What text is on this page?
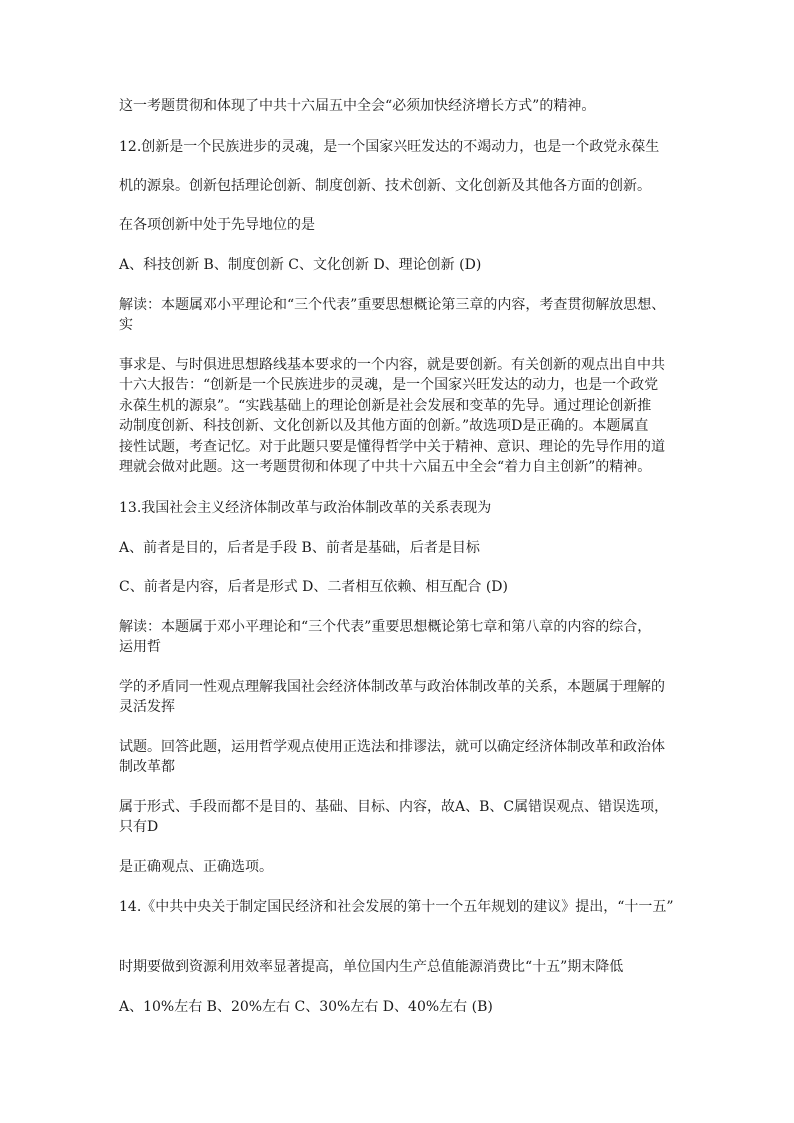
这一考题贯彻和体现了中共十六届五中全会“必须加快经济增长方式”的精神。

12.创新是一个民族进步的灵魂，是一个国家兴旺发达的不竭动力，也是一个政党永葆生

机的源泉。创新包括理论创新、制度创新、技术创新、文化创新及其他各方面的创新。

在各项创新中处于先导地位的是

A、科技创新 B、制度创新 C、文化创新 D、理论创新 (D)

解读：本题属邓小平理论和“三个代表”重要思想概论第三章的内容，考查贯彻解放思想、

实

事求是、与时俱进思想路线基本要求的一个内容，就是要创新。有关创新的观点出自中共

十六大报告：“创新是一个民族进步的灵魂，是一个国家兴旺发达的动力，也是一个政党

永葆生机的源泉”。“实践基础上的理论创新是社会发展和变革的先导。通过理论创新推

动制度创新、科技创新、文化创新以及其他方面的创新。”故选项D是正确的。本题属直

接性试题，考查记忆。对于此题只要是懂得哲学中关于精神、意识、理论的先导作用的道

理就会做对此题。这一考题贯彻和体现了中共十六届五中全会“着力自主创新”的精神。

13.我国社会主义经济体制改革与政治体制改革的关系表现为

A、前者是目的，后者是手段 B、前者是基础，后者是目标

C、前者是内容，后者是形式 D、二者相互依赖、相互配合 (D)

解读：本题属于邓小平理论和“三个代表”重要思想概论第七章和第八章的内容的综合，

运用哲

学的矛盾同一性观点理解我国社会经济体制改革与政治体制改革的关系，本题属于理解的

灵活发挥

试题。回答此题，运用哲学观点使用正选法和排谬法，就可以确定经济体制改革和政治体

制改革都

属于形式、手段而都不是目的、基础、目标、内容，故A、B、C属错误观点、错误选项，

只有D

是正确观点、正确选项。

14.《中共中央关于制定国民经济和社会发展的第十一个五年规划的建议》提出，“十一五”

时期要做到资源利用效率显著提高，单位国内生产总值能源消费比“十五”期末降低

A、10%左右 B、20%左右 C、30%左右 D、40%左右 (B)
